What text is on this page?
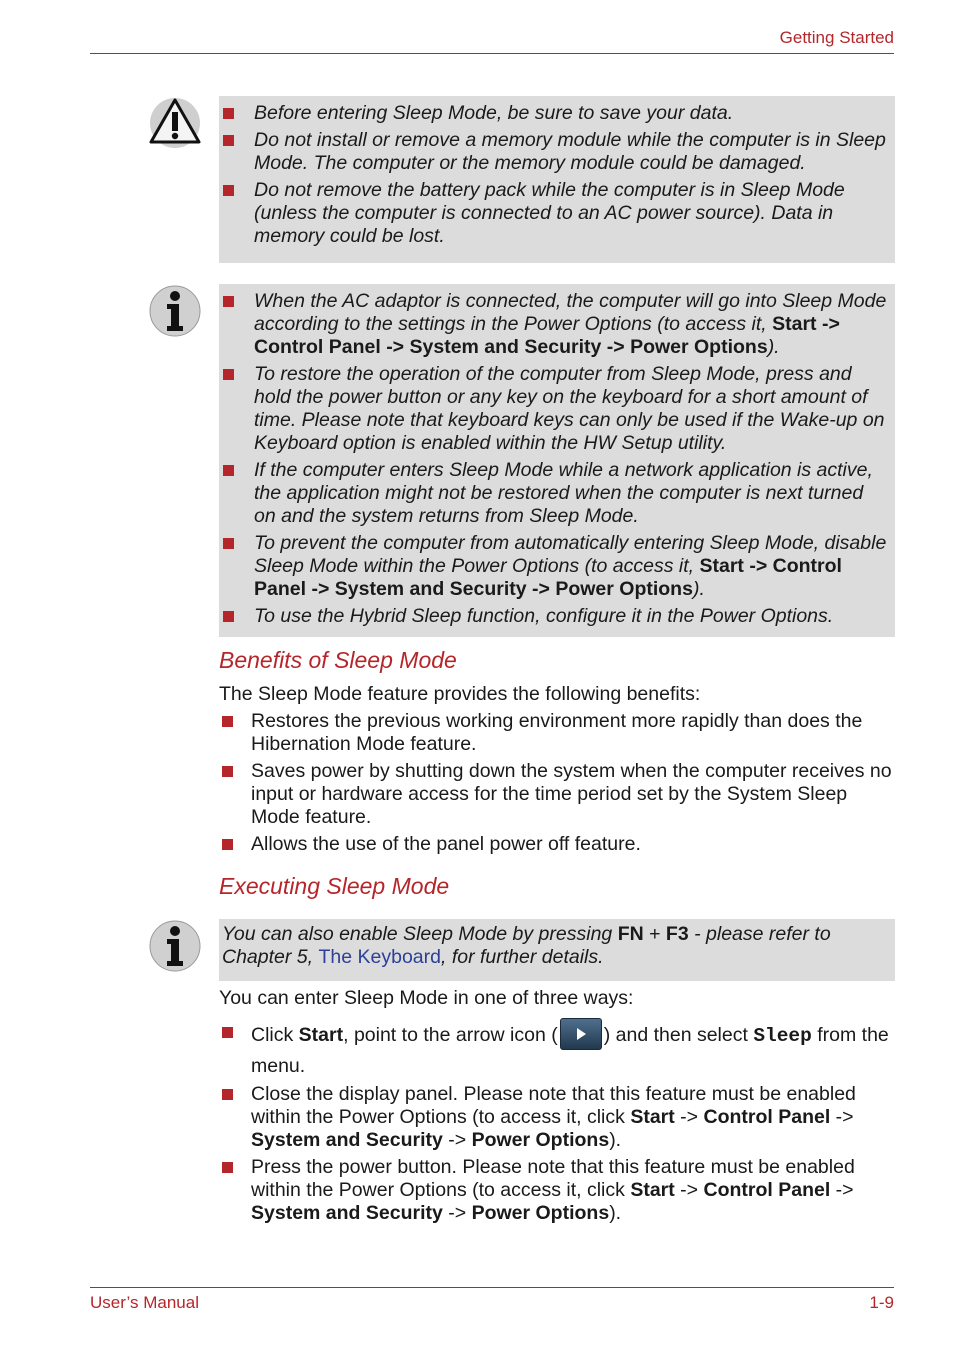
Getting Started
Before entering Sleep Mode, be sure to save your data.
Do not install or remove a memory module while the computer is in Sleep Mode. The computer or the memory module could be damaged.
Do not remove the battery pack while the computer is in Sleep Mode (unless the computer is connected to an AC power source). Data in memory could be lost.
When the AC adaptor is connected, the computer will go into Sleep Mode according to the settings in the Power Options (to access it, Start -> Control Panel -> System and Security -> Power Options).
To restore the operation of the computer from Sleep Mode, press and hold the power button or any key on the keyboard for a short amount of time. Please note that keyboard keys can only be used if the Wake-up on Keyboard option is enabled within the HW Setup utility.
If the computer enters Sleep Mode while a network application is active, the application might not be restored when the computer is next turned on and the system returns from Sleep Mode.
To prevent the computer from automatically entering Sleep Mode, disable Sleep Mode within the Power Options (to access it, Start -> Control Panel -> System and Security -> Power Options).
To use the Hybrid Sleep function, configure it in the Power Options.
Benefits of Sleep Mode
The Sleep Mode feature provides the following benefits:
Restores the previous working environment more rapidly than does the Hibernation Mode feature.
Saves power by shutting down the system when the computer receives no input or hardware access for the time period set by the System Sleep Mode feature.
Allows the use of the panel power off feature.
Executing Sleep Mode
You can also enable Sleep Mode by pressing FN + F3 - please refer to Chapter 5, The Keyboard, for further details.
You can enter Sleep Mode in one of three ways:
Click Start, point to the arrow icon ( ) and then select Sleep from the menu.
Close the display panel. Please note that this feature must be enabled within the Power Options (to access it, click Start -> Control Panel -> System and Security -> Power Options).
Press the power button. Please note that this feature must be enabled within the Power Options (to access it, click Start -> Control Panel -> System and Security -> Power Options).
User’s Manual	1-9
